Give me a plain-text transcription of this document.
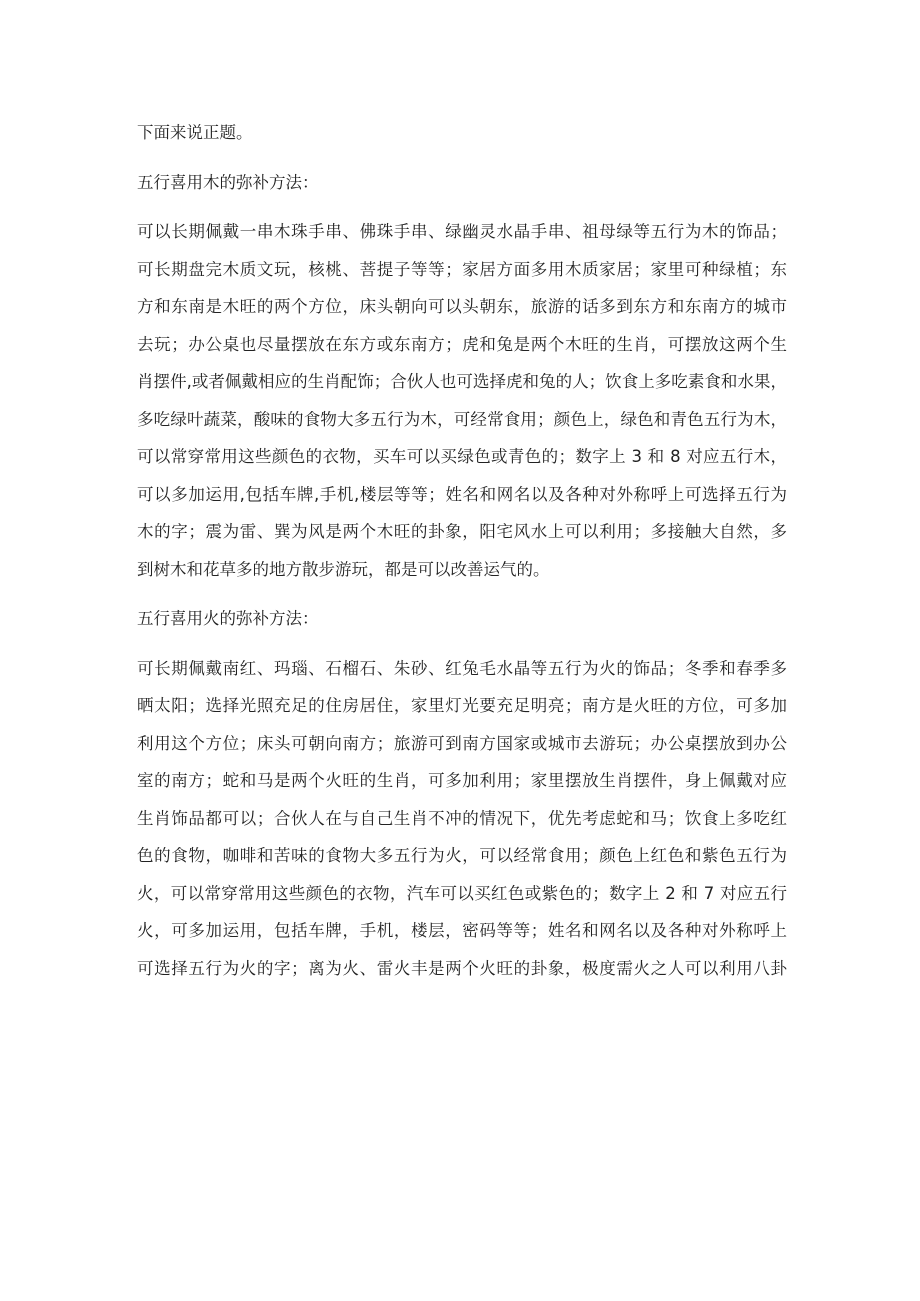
下面来说正题。
五行喜用木的弥补方法：
可以长期佩戴一串木珠手串、佛珠手串、绿幽灵水晶手串、祖母绿等五行为木的饰品；
可长期盘完木质文玩，核桃、菩提子等等；家居方面多用木质家居；家里可种绿植；东
方和东南是木旺的两个方位，床头朝向可以头朝东，旅游的话多到东方和东南方的城市
去玩；办公桌也尽量摆放在东方或东南方；虎和兔是两个木旺的生肖，可摆放这两个生
肖摆件,或者佩戴相应的生肖配饰；合伙人也可选择虎和兔的人；饮食上多吃素食和水果，
多吃绿叶蔬菜，酸味的食物大多五行为木，可经常食用；颜色上，绿色和青色五行为木，
可以常穿常用这些颜色的衣物，买车可以买绿色或青色的；数字上 3 和 8 对应五行木，
可以多加运用,包括车牌,手机,楼层等等；姓名和网名以及各种对外称呼上可选择五行为
木的字；震为雷、巽为风是两个木旺的卦象，阳宅风水上可以利用；多接触大自然，多
到树木和花草多的地方散步游玩，都是可以改善运气的。
五行喜用火的弥补方法：
可长期佩戴南红、玛瑙、石榴石、朱砂、红兔毛水晶等五行为火的饰品；冬季和春季多
晒太阳；选择光照充足的住房居住，家里灯光要充足明亮；南方是火旺的方位，可多加
利用这个方位；床头可朝向南方；旅游可到南方国家或城市去游玩；办公桌摆放到办公
室的南方；蛇和马是两个火旺的生肖，可多加利用；家里摆放生肖摆件，身上佩戴对应
生肖饰品都可以；合伙人在与自己生肖不冲的情况下，优先考虑蛇和马；饮食上多吃红
色的食物，咖啡和苦味的食物大多五行为火，可以经常食用；颜色上红色和紫色五行为
火，可以常穿常用这些颜色的衣物，汽车可以买红色或紫色的；数字上 2 和 7 对应五行
火，可多加运用，包括车牌，手机，楼层，密码等等；姓名和网名以及各种对外称呼上
可选择五行为火的字；离为火、雷火丰是两个火旺的卦象，极度需火之人可以利用八卦
